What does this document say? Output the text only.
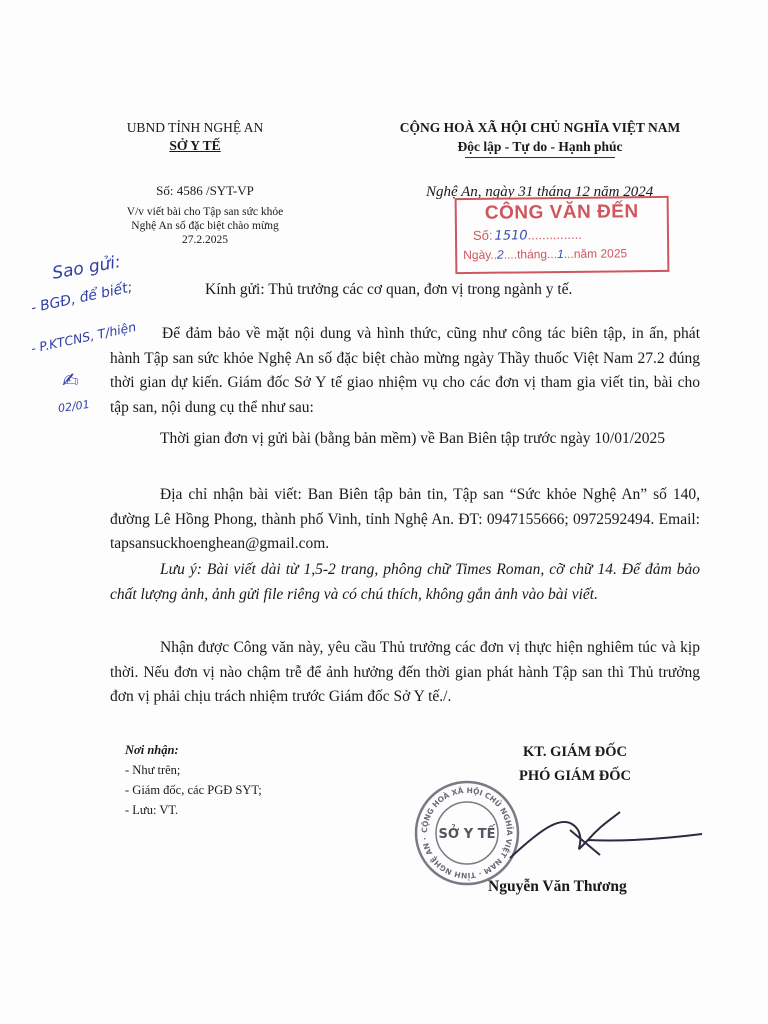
UBND TỈNH NGHỆ AN
SỞ Y TẾ
CỘNG HOÀ XÃ HỘI CHỦ NGHĨA VIỆT NAM
Độc lập - Tự do - Hạnh phúc
Số: 4586 /SYT-VP
V/v viết bài cho Tập san sức khỏe
Nghệ An số đặc biệt chào mừng
27.2.2025
Nghệ An, ngày 31 tháng 12 năm 2024
CÔNG VĂN ĐẾN
Số: 1510...............
Ngày..2....tháng...1...năm 2025
Sao gửi:
- BGĐ, để biết;
- P.KTCNS, T/hiện
✍
02/01
Kính gửi: Thủ trưởng các cơ quan, đơn vị trong ngành y tế.
Để đảm bảo về mặt nội dung và hình thức, cũng như công tác biên tập, in ấn, phát hành Tập san sức khỏe Nghệ An số đặc biệt chào mừng ngày Thầy thuốc Việt Nam 27.2 đúng thời gian dự kiến. Giám đốc Sở Y tế giao nhiệm vụ cho các đơn vị tham gia viết tin, bài cho tập san, nội dung cụ thể như sau:
Thời gian đơn vị gửi bài (bằng bản mềm) về Ban Biên tập trước ngày 10/01/2025
Địa chỉ nhận bài viết: Ban Biên tập bản tin, Tập san “Sức khỏe Nghệ An” số 140, đường Lê Hồng Phong, thành phố Vinh, tỉnh Nghệ An. ĐT: 0947155666; 0972592494. Email: tapsansuckhoenghean@gmail.com.
Lưu ý: Bài viết dài từ 1,5-2 trang, phông chữ Times Roman, cỡ chữ 14. Để đảm bảo chất lượng ảnh, ảnh gửi file riêng và có chú thích, không gắn ảnh vào bài viết.
Nhận được Công văn này, yêu cầu Thủ trưởng các đơn vị thực hiện nghiêm túc và kịp thời. Nếu đơn vị nào chậm trễ để ảnh hưởng đến thời gian phát hành Tập san thì Thủ trưởng đơn vị phải chịu trách nhiệm trước Giám đốc Sở Y tế./.
Nơi nhận:
- Như trên;
- Giám đốc, các PGĐ SYT;
- Lưu: VT.
KT. GIÁM ĐỐC
PHÓ GIÁM ĐỐC
CỘNG HOÀ XÃ HỘI CHỦ NGHĨA VIỆT NAM · TỈNH NGHỆ AN · SỞ Y TẾ
Nguyễn Văn Thương
